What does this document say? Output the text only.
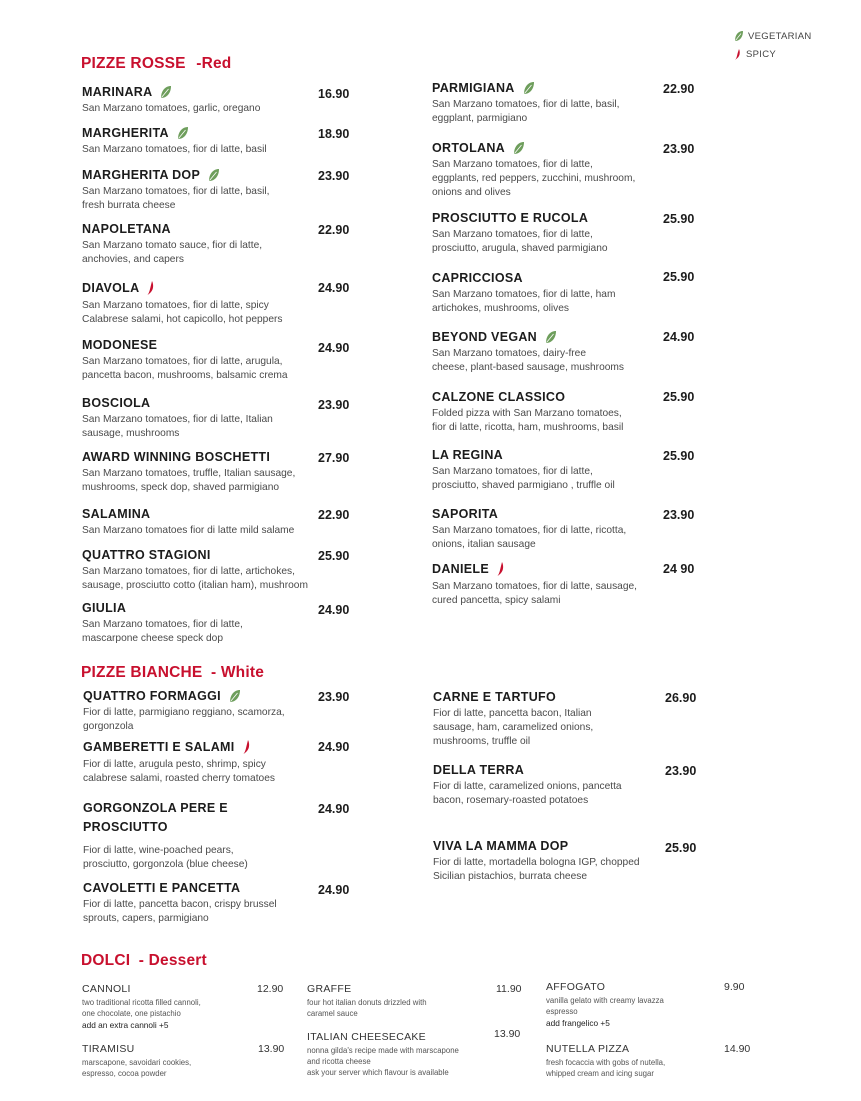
VEGETARIAN
SPICY
PIZZE ROSSE -Red
PIZZE BIANCHE - White
DOLCI - Dessert
MARINARA
San Marzano tomatoes, garlic, oregano
16.90
MARGHERITA
San Marzano tomatoes, fior di latte, basil
18.90
MARGHERITA DOP
San Marzano tomatoes, fior di latte, basil,
fresh burrata cheese
23.90
NAPOLETANA
San Marzano tomato sauce, fior di latte,
anchovies, and capers
22.90
DIAVOLA
San Marzano tomatoes, fior di latte, spicy
Calabrese salami, hot capicollo, hot peppers
24.90
MODONESE
San Marzano tomatoes, fior di latte, arugula,
pancetta bacon, mushrooms, balsamic crema
24.90
BOSCIOLA
San Marzano tomatoes, fior di latte, Italian
sausage, mushrooms
23.90
AWARD WINNING BOSCHETTI
San Marzano tomatoes, truffle, Italian sausage,
mushrooms, speck dop, shaved parmigiano
27.90
SALAMINA
San Marzano tomatoes fior di latte mild salame
22.90
QUATTRO STAGIONI
San Marzano tomatoes, fior di latte, artichokes,
sausage, prosciutto cotto (italian ham), mushroom
25.90
GIULIA
San Marzano tomatoes, fior di latte,
mascarpone cheese speck dop
24.90
PARMIGIANA
San Marzano tomatoes, fior di latte, basil,
eggplant, parmigiano
22.90
ORTOLANA
San Marzano tomatoes, fior di latte,
eggplants, red peppers, zucchini, mushroom,
onions and olives
23.90
PROSCIUTTO E RUCOLA
San Marzano tomatoes, fior di latte,
prosciutto, arugula, shaved parmigiano
25.90
CAPRICCIOSA
San Marzano tomatoes, fior di latte, ham
artichokes, mushrooms, olives
25.90
BEYOND VEGAN
San Marzano tomatoes, dairy-free
cheese, plant-based sausage, mushrooms
24.90
CALZONE CLASSICO
Folded pizza with San Marzano tomatoes,
fior di latte, ricotta, ham, mushrooms, basil
25.90
LA REGINA
San Marzano tomatoes, fior di latte,
prosciutto, shaved parmigiano , truffle oil
25.90
SAPORITA
San Marzano tomatoes, fior di latte, ricotta,
onions, italian sausage
23.90
DANIELE
San Marzano tomatoes, fior di latte, sausage,
cured pancetta, spicy salami
24 90
QUATTRO FORMAGGI
Fior di latte, parmigiano reggiano, scamorza,
gorgonzola
23.90
GAMBERETTI E SALAMI
Fior di latte, arugula pesto, shrimp, spicy
calabrese salami, roasted cherry tomatoes
24.90
GORGONZOLA PERE E
PROSCIUTTO
Fior di latte, wine-poached pears,
prosciutto, gorgonzola (blue cheese)
24.90
CAVOLETTI E PANCETTA
Fior di latte, pancetta bacon, crispy brussel
sprouts, capers, parmigiano
24.90
CARNE E TARTUFO
Fior di latte, pancetta bacon, Italian
sausage, ham, caramelized onions,
mushrooms, truffle oil
26.90
DELLA TERRA
Fior di latte, caramelized onions, pancetta
bacon, rosemary-roasted potatoes
23.90
VIVA LA MAMMA DOP
Fior di latte, mortadella bologna IGP, chopped
Sicilian pistachios, burrata cheese
25.90
CANNOLI
two traditional ricotta filled cannoli,
one chocolate, one pistachio
add an extra cannoli +5
12.90
TIRAMISU
marscapone, savoidari cookies,
espresso, cocoa powder
13.90
GRAFFE
four hot italian donuts drizzled with
caramel sauce
11.90
ITALIAN CHEESECAKE
nonna gilda's recipe made with marscapone
and ricotta cheese
ask your server which flavour is available
13.90
AFFOGATO
vanilla gelato with creamy lavazza
espresso
add frangelico +5
9.90
NUTELLA PIZZA
fresh focaccia with gobs of nutella,
whipped cream and icing sugar
14.90
